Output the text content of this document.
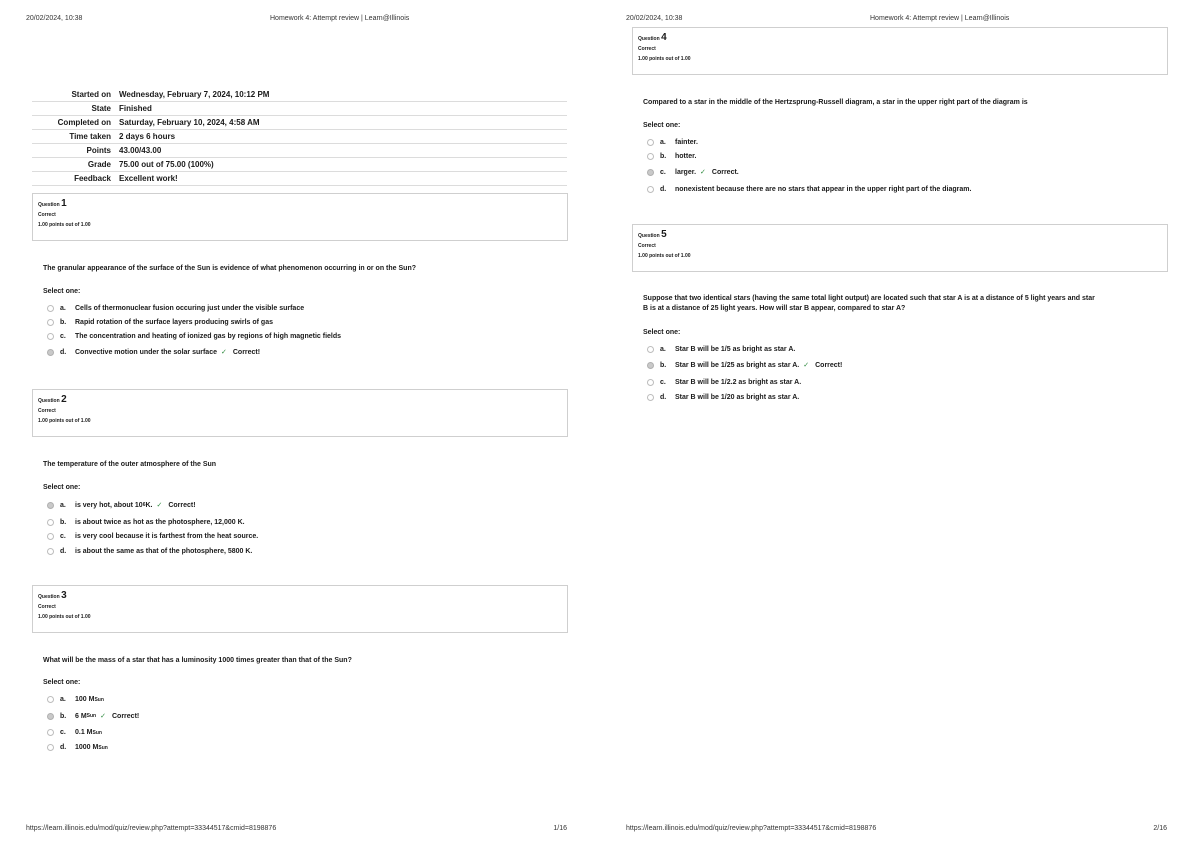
20/02/2024, 10:38	Homework 4: Attempt review | Learn@Illinois
Started on	Wednesday, February 7, 2024, 10:12 PM
State	Finished
Completed on	Saturday, February 10, 2024, 4:58 AM
Time taken	2 days 6 hours
Points	43.00/43.00
Grade	75.00 out of 75.00 (100%)
Feedback	Excellent work!
Question 1
Correct
1.00 points out of 1.00
The granular appearance of the surface of the Sun is evidence of what phenomenon occurring in or on the Sun?
Select one:
a.	Cells of thermonuclear fusion occuring just under the visible surface
b.	Rapid rotation of the surface layers producing swirls of gas
c.	The concentration and heating of ionized gas by regions of high magnetic fields
d.	Convective motion under the solar surface ✓ Correct!
Question 2
Correct
1.00 points out of 1.00
The temperature of the outer atmosphere of the Sun
Select one:
a.	is very hot, about 10 6 K. ✓ Correct!
b.	is about twice as hot as the photosphere, 12,000 K.
c.	is very cool because it is farthest from the heat source.
d.	is about the same as that of the photosphere, 5800 K.
Question 3
Correct
1.00 points out of 1.00
What will be the mass of a star that has a luminosity 1000 times greater than that of the Sun?
Select one:
a.	100 M Sun
b.	6 M Sun ✓ Correct!
c.	0.1 M Sun
d.	1000 M Sun
https://learn.illinois.edu/mod/quiz/review.php?attempt=33344517&cmid=8198876	1/16
20/02/2024, 10:38	Homework 4: Attempt review | Learn@Illinois
Question 4
Correct
1.00 points out of 1.00
Compared to a star in the middle of the Hertzsprung-Russell diagram, a star in the upper right part of the diagram is
Select one:
a.	fainter.
b.	hotter.
c.	larger. ✓ Correct.
d.	nonexistent because there are no stars that appear in the upper right part of the diagram.
Question 5
Correct
1.00 points out of 1.00
Suppose that two identical stars (having the same total light output) are located such that star A is at a distance of 5 light years and star
B is at a distance of 25 light years. How will star B appear, compared to star A?
Select one:
a.	Star B will be 1/5 as bright as star A.
b.	Star B will be 1/25 as bright as star A. ✓ Correct!
c.	Star B will be 1/2.2 as bright as star A.
d.	Star B will be 1/20 as bright as star A.
https://learn.illinois.edu/mod/quiz/review.php?attempt=33344517&cmid=8198876	2/16
